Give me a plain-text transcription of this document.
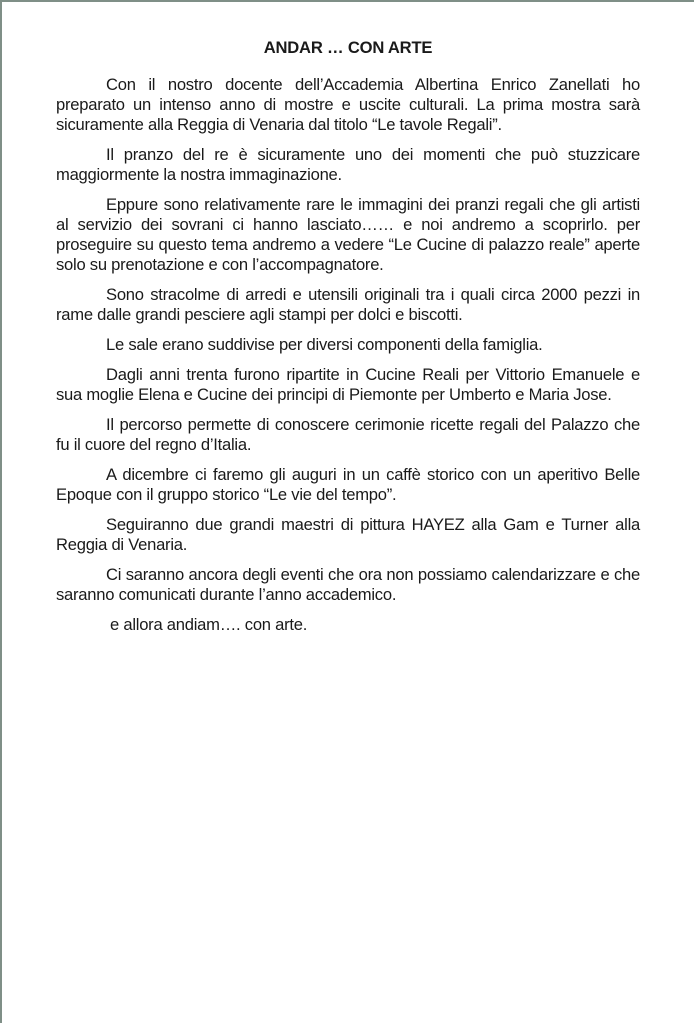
ANDAR … CON ARTE

Con il nostro docente dell’Accademia Albertina Enrico Zanellati ho preparato un intenso anno di mostre e uscite culturali. La prima mostra sarà sicuramente alla Reggia di Venaria dal titolo “Le tavole Regali”.

Il pranzo del re è sicuramente uno dei momenti che può stuzzicare maggiormente la nostra immaginazione.

Eppure sono relativamente rare le immagini dei pranzi regali che gli artisti al servizio dei sovrani ci hanno lasciato…… e noi andremo a scoprirlo. per proseguire su questo tema andremo a vedere “Le Cucine di palazzo reale” aperte solo su prenotazione e con l’accompagnatore.

Sono stracolme di arredi e utensili originali tra i quali circa 2000 pezzi in rame dalle grandi pesciere agli stampi per dolci e biscotti.

Le sale erano suddivise per diversi componenti della famiglia.

Dagli anni trenta furono ripartite in Cucine Reali per Vittorio Emanuele e sua moglie Elena e Cucine dei principi di Piemonte per Umberto e Maria Jose.

Il percorso permette di conoscere cerimonie ricette regali del Palazzo che fu il cuore del regno d’Italia.

A dicembre ci faremo gli auguri in un caffè storico con un aperitivo Belle Epoque con il gruppo storico “Le vie del tempo”.

Seguiranno due grandi maestri di pittura HAYEZ alla Gam e Turner alla Reggia di Venaria.

Ci saranno ancora degli eventi che ora non possiamo calendarizzare e che saranno comunicati durante l’anno accademico.

e allora andiam…. con arte.
